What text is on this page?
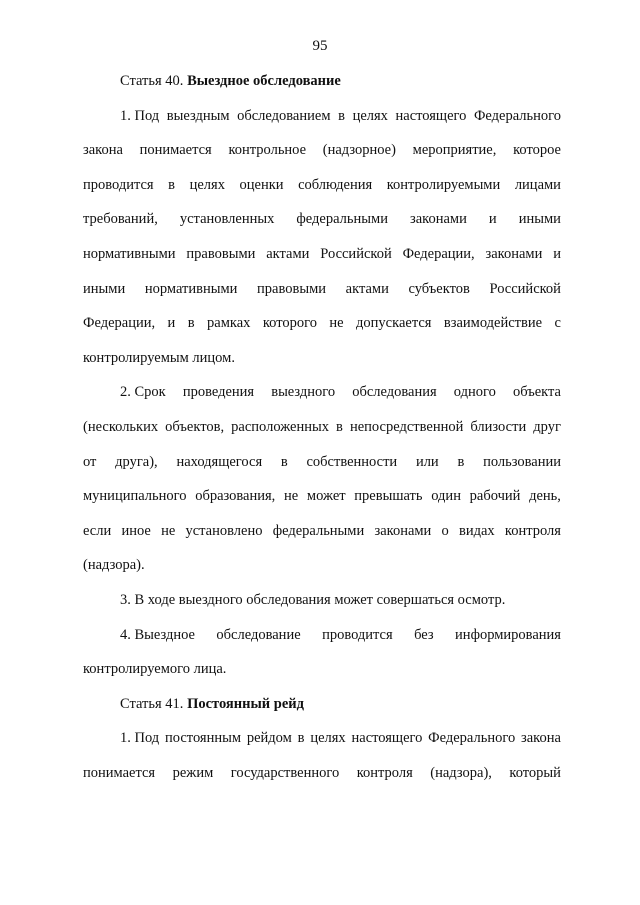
95
Статья 40. Выездное обследование
1. Под выездным обследованием в целях настоящего Федерального
закона понимается контрольное (надзорное) мероприятие, которое
проводится в целях оценки соблюдения контролируемыми лицами
требований, установленных федеральными законами и иными
нормативными правовыми актами Российской Федерации, законами и
иными нормативными правовыми актами субъектов Российской
Федерации, и в рамках которого не допускается взаимодействие с
контролируемым лицом.
2. Срок проведения выездного обследования одного объекта
(нескольких объектов, расположенных в непосредственной близости друг
от друга), находящегося в собственности или в пользовании
муниципального образования, не может превышать один рабочий день,
если иное не установлено федеральными законами о видах контроля
(надзора).
3. В ходе выездного обследования может совершаться осмотр.
4. Выездное обследование проводится без информирования
контролируемого лица.
Статья 41. Постоянный рейд
1. Под постоянным рейдом в целях настоящего Федерального закона
понимается режим государственного контроля (надзора), который
